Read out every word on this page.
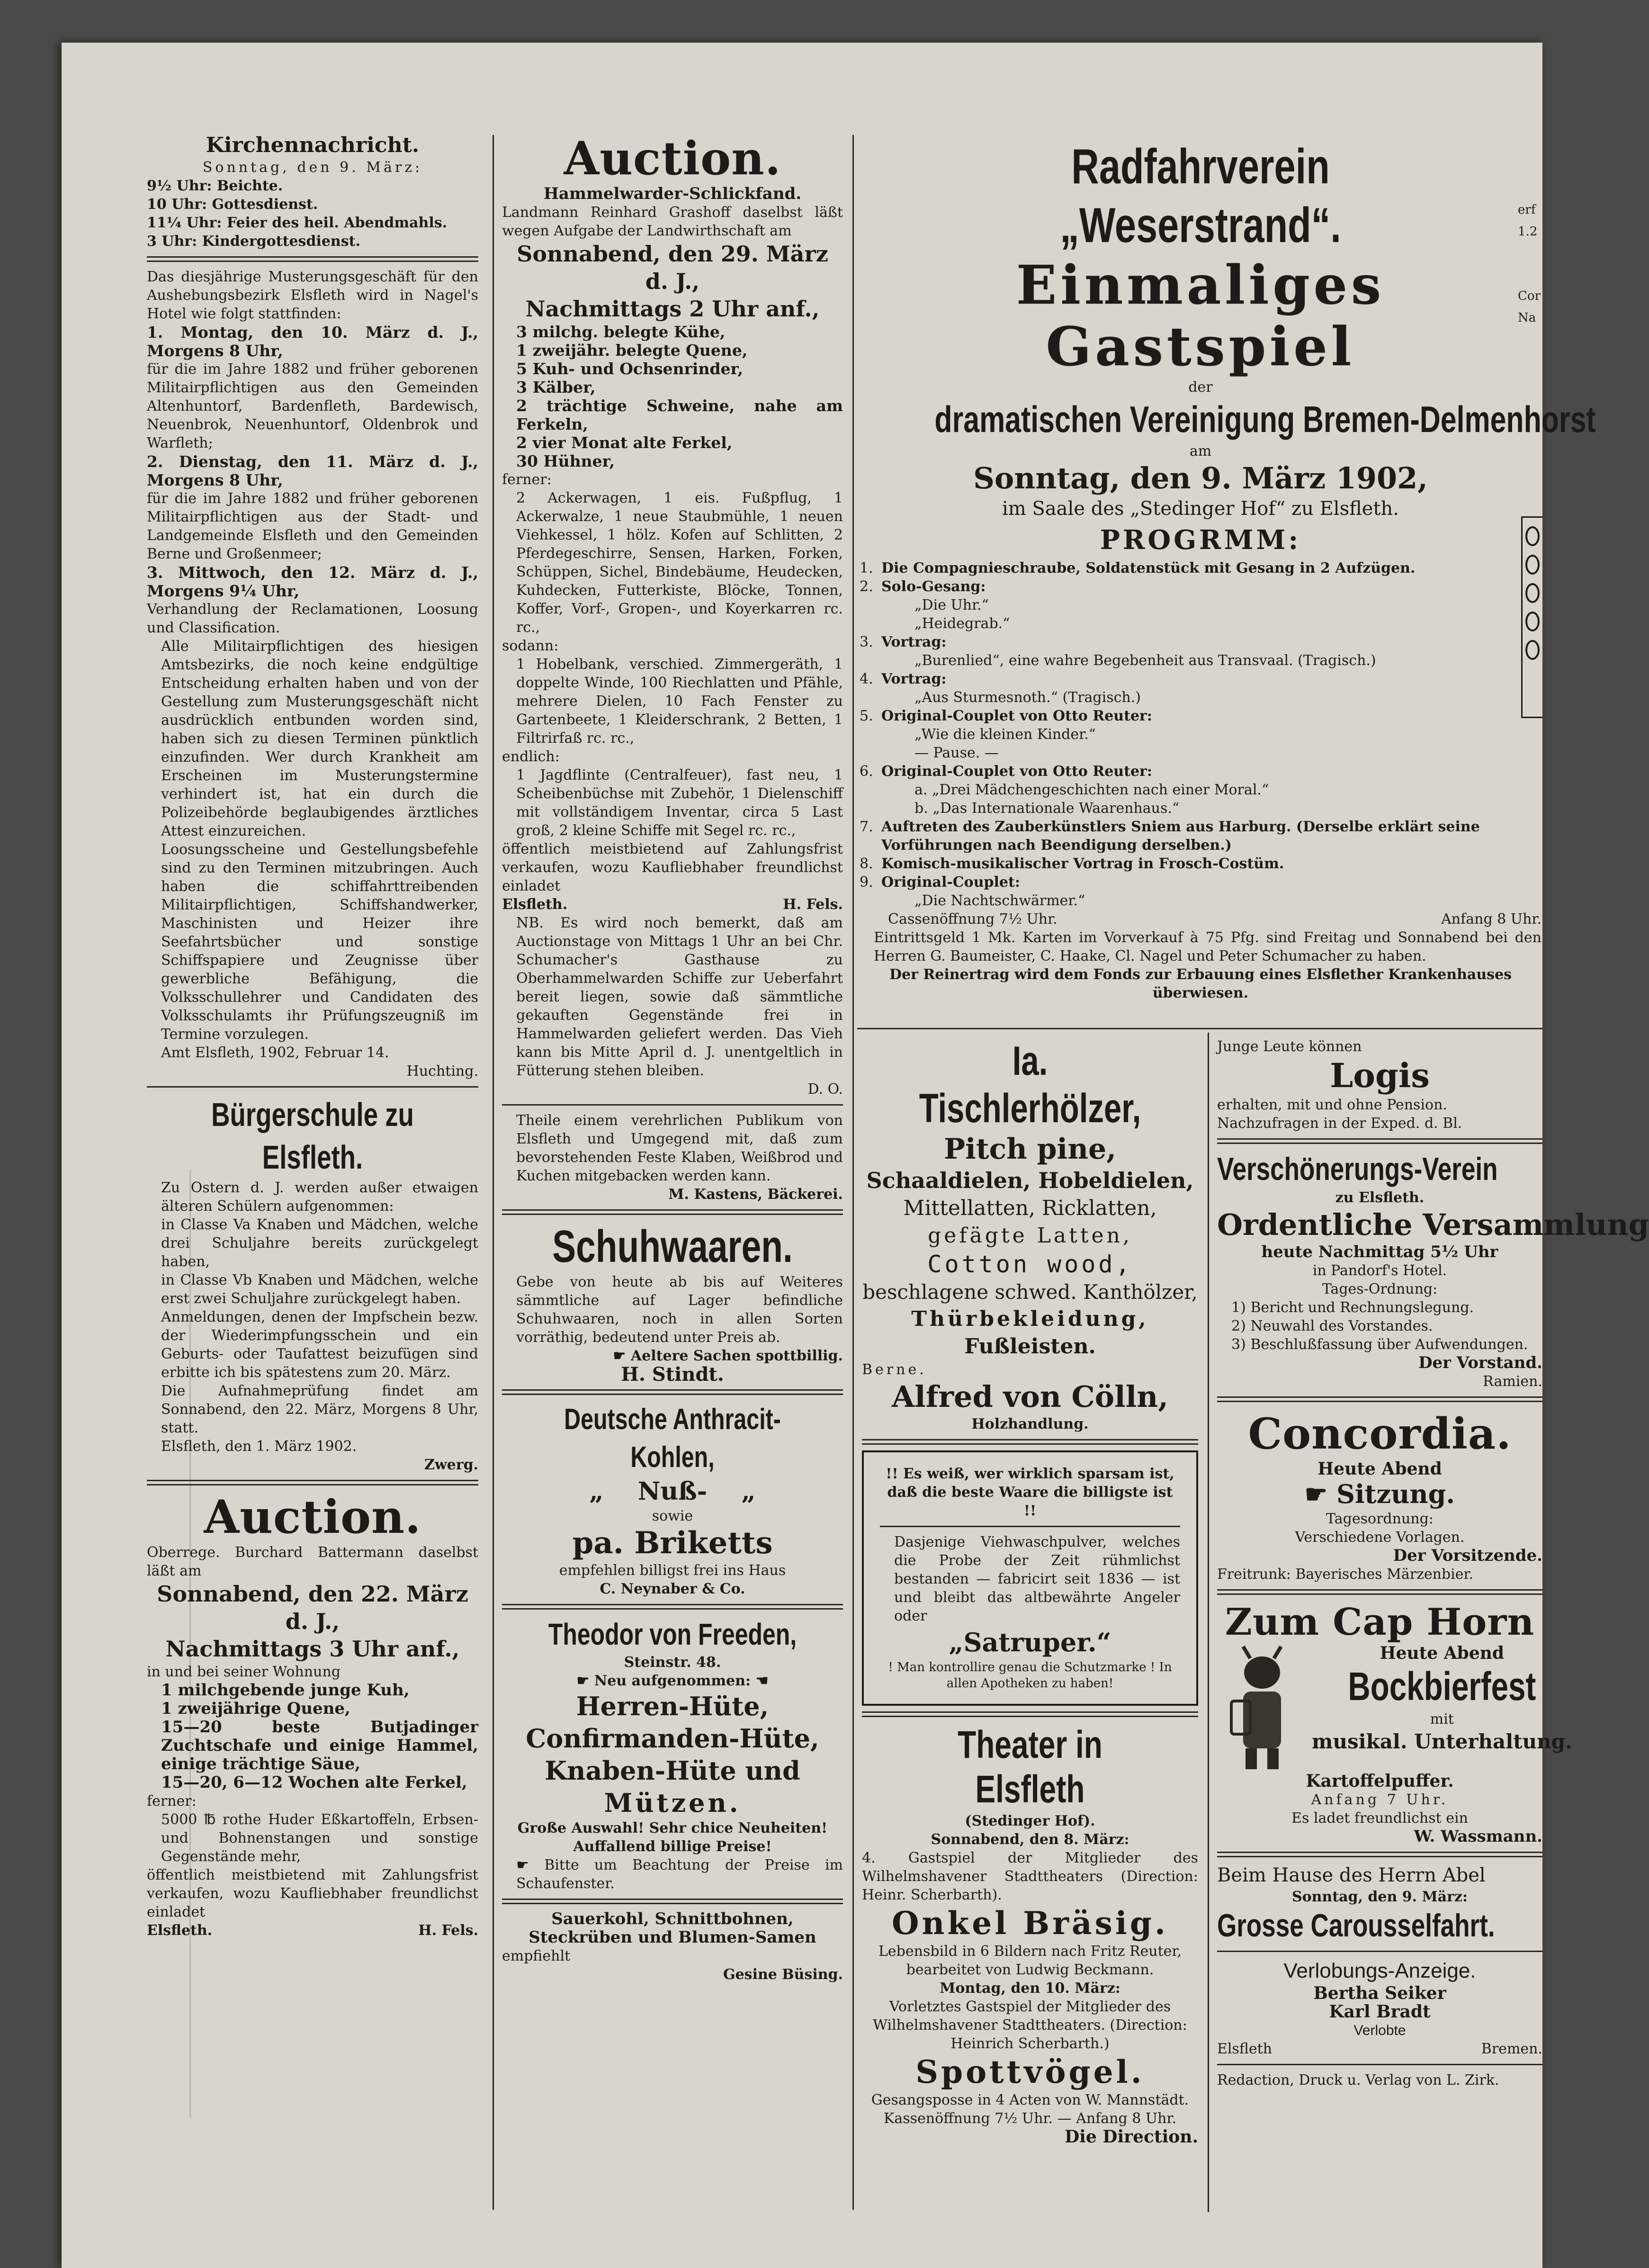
Kirchennachricht.

Sonntag, den 9. März:

9½ Uhr: Beichte.

10 Uhr: Gottesdienst.

11¼ Uhr: Feier des heil. Abendmahls.

3 Uhr: Kindergottesdienst.

Das diesjährige Musterungsgeschäft für den Aushebungsbezirk Elsfleth wird in Nagel's Hotel wie folgt stattfinden:

1. Montag, den 10. März d. J., Morgens 8 Uhr,

für die im Jahre 1882 und früher geborenen Militairpflichtigen aus den Gemeinden Altenhuntorf, Bardenfleth, Bardewisch, Neuenbrok, Neuenhuntorf, Oldenbrok und Warfleth;

2. Dienstag, den 11. März d. J., Morgens 8 Uhr,

für die im Jahre 1882 und früher geborenen Militairpflichtigen aus der Stadt- und Landgemeinde Elsfleth und den Gemeinden Berne und Großenmeer;

3. Mittwoch, den 12. März d. J., Morgens 9¼ Uhr,

Verhandlung der Reclamationen, Loosung und Classification.

Alle Militairpflichtigen des hiesigen Amtsbezirks, die noch keine endgültige Entscheidung erhalten haben und von der Gestellung zum Musterungsgeschäft nicht ausdrücklich entbunden worden sind, haben sich zu diesen Terminen pünktlich einzufinden. Wer durch Krankheit am Erscheinen im Musterungstermine verhindert ist, hat ein durch die Polizeibehörde beglaubigendes ärztliches Attest einzureichen.

Loosungsscheine und Gestellungsbefehle sind zu den Terminen mitzubringen. Auch haben die schiffahrttreibenden Militairpflichtigen, Schiffshandwerker, Maschinisten und Heizer ihre Seefahrtsbücher und sonstige Schiffspapiere und Zeugnisse über gewerbliche Befähigung, die Volksschullehrer und Candidaten des Volksschulamts ihr Prüfungszeugniß im Termine vorzulegen.

Amt Elsfleth, 1902, Februar 14.

Huchting.

Bürgerschule zu Elsfleth.

Zu Ostern d. J. werden außer etwaigen älteren Schülern aufgenommen:

in Classe Va Knaben und Mädchen, welche drei Schuljahre bereits zurückgelegt haben,

in Classe Vb Knaben und Mädchen, welche erst zwei Schuljahre zurückgelegt haben.

Anmeldungen, denen der Impfschein bezw. der Wiederimpfungsschein und ein Geburts- oder Taufattest beizufügen sind erbitte ich bis spätestens zum 20. März.

Die Aufnahmeprüfung findet am Sonnabend, den 22. März, Morgens 8 Uhr, statt.

Elsfleth, den 1. März 1902.

Zwerg.

Auction.

Oberrege. Burchard Battermann daselbst läßt am

Sonnabend, den 22. März d. J.,

Nachmittags 3 Uhr anf.,

in und bei seiner Wohnung

1 milchgebende junge Kuh,

1 zweijährige Quene,

15—20 beste Butjadinger Zuchtschafe und einige Hammel, einige trächtige Säue,

15—20, 6—12 Wochen alte Ferkel,

ferner:

5000 ℔ rothe Huder Eßkartoffeln, Erbsen- und Bohnenstangen und sonstige Gegenstände mehr,

öffentlich meistbietend mit Zahlungsfrist verkaufen, wozu Kaufliebhaber freundlichst einladet

Elsfleth.	H. Fels.

Auction.

Hammelwarder-Schlickfand.

Landmann Reinhard Grashoff daselbst läßt wegen Aufgabe der Landwirthschaft am

Sonnabend, den 29. März d. J.,

Nachmittags 2 Uhr anf.,

3 milchg. belegte Kühe,

1 zweijähr. belegte Quene,

5 Kuh- und Ochsenrinder,

3 Kälber,

2 trächtige Schweine, nahe am Ferkeln,

2 vier Monat alte Ferkel,

30 Hühner,

ferner:

2 Ackerwagen, 1 eis. Fußpflug, 1 Ackerwalze, 1 neue Staubmühle, 1 neuen Viehkessel, 1 hölz. Kofen auf Schlitten, 2 Pferdegeschirre, Sensen, Harken, Forken, Schüppen, Sichel, Bindebäume, Heudecken, Kuhdecken, Futterkiste, Blöcke, Tonnen, Koffer, Vorf-, Gropen-, und Koyerkarren rc. rc.,

sodann:

1 Hobelbank, verschied. Zimmergeräth, 1 doppelte Winde, 100 Riechlatten und Pfähle, mehrere Dielen, 10 Fach Fenster zu Gartenbeete, 1 Kleiderschrank, 2 Betten, 1 Filtrirfaß rc. rc.,

endlich:

1 Jagdflinte (Centralfeuer), fast neu, 1 Scheibenbüchse mit Zubehör, 1 Dielenschiff mit vollständigem Inventar, circa 5 Last groß, 2 kleine Schiffe mit Segel rc. rc.,

öffentlich meistbietend auf Zahlungsfrist verkaufen, wozu Kaufliebhaber freundlichst einladet

Elsfleth.	H. Fels.

NB. Es wird noch bemerkt, daß am Auctionstage von Mittags 1 Uhr an bei Chr. Schumacher's Gasthause zu Oberhammelwarden Schiffe zur Ueberfahrt bereit liegen, sowie daß sämmtliche gekauften Gegenstände frei in Hammelwarden geliefert werden. Das Vieh kann bis Mitte April d. J. unentgeltlich in Fütterung stehen bleiben.

D. O.

Theile einem verehrlichen Publikum von Elsfleth und Umgegend mit, daß zum bevorstehenden Feste Klaben, Weißbrod und Kuchen mitgebacken werden kann.

M. Kastens, Bäckerei.

Schuhwaaren.

Gebe von heute ab bis auf Weiteres sämmtliche auf Lager befindliche Schuhwaaren, noch in allen Sorten vorräthig, bedeutend unter Preis ab.

☛ Aeltere Sachen spottbillig.

H. Stindt.

Deutsche Anthracit-Kohlen,

„ Nuß- „

sowie

pa. Briketts

empfehlen billigst frei ins Haus

C. Neynaber & Co.

Theodor von Freeden,

Steinstr. 48.

☛ Neu aufgenommen: ☚

Herren-Hüte,

Confirmanden-Hüte,

Knaben-Hüte und

Mützen.

Große Auswahl! Sehr chice Neuheiten! Auffallend billige Preise!

☛ Bitte um Beachtung der Preise im Schaufenster.

Sauerkohl, Schnittbohnen, Steckrüben und Blumen-Samen

empfiehlt

Gesine Büsing.

Radfahrverein „Weserstrand“.

Einmaliges Gastspiel

der

dramatischen Vereinigung Bremen-Delmenhorst

am

Sonntag, den 9. März 1902,

im Saale des „Stedinger Hof“ zu Elsfleth.

PROGRMM:

1. Die Compagnieschraube, Soldatenstück mit Gesang in 2 Aufzügen.
2. Solo-Gesang:
„Die Uhr.“
„Heidegrab.“
3. Vortrag:
„Burenlied“, eine wahre Begebenheit aus Transvaal. (Tragisch.)
4. Vortrag:
„Aus Sturmesnoth.“ (Tragisch.)
5. Original-Couplet von Otto Reuter:
„Wie die kleinen Kinder.“
— Pause. —
6. Original-Couplet von Otto Reuter:
a. „Drei Mädchengeschichten nach einer Moral.“
b. „Das Internationale Waarenhaus.“
7. Auftreten des Zauberkünstlers Sniem aus Harburg. (Derselbe erklärt seine Vorführungen nach Beendigung derselben.)
8. Komisch-musikalischer Vortrag in Frosch-Costüm.
9. Original-Couplet:
„Die Nachtschwärmer.“

Cassenöffnung 7½ Uhr.	Anfang 8 Uhr.

Eintrittsgeld 1 Mk. Karten im Vorverkauf à 75 Pfg. sind Freitag und Sonnabend bei den Herren G. Baumeister, C. Haake, Cl. Nagel und Peter Schumacher zu haben.

Der Reinertrag wird dem Fonds zur Erbauung eines Elsflether Krankenhauses überwiesen.

Ia. Tischlerhölzer,

Pitch pine,

Schaaldielen, Hobeldielen,

Mittellatten, Ricklatten,

gefägte Latten,

Cotton wood,

beschlagene schwed. Kanthölzer,

Thürbekleidung,

Fußleisten.

Berne.

Alfred von Cölln,

Holzhandlung.

!! Es weiß, wer wirklich sparsam ist, daß die beste Waare die billigste ist !!

Dasjenige Viehwaschpulver, welches die Probe der Zeit rühmlichst bestanden — fabricirt seit 1836 — ist und bleibt das altbewährte Angeler oder

„Satruper.“

! Man kontrollire genau die Schutzmarke ! In allen Apotheken zu haben!

Theater in Elsfleth

(Stedinger Hof).

Sonnabend, den 8. März:

4. Gastspiel der Mitglieder des Wilhelmshavener Stadttheaters (Direction: Heinr. Scherbarth).

Onkel Bräsig.

Lebensbild in 6 Bildern nach Fritz Reuter, bearbeitet von Ludwig Beckmann.

Montag, den 10. März:

Vorletztes Gastspiel der Mitglieder des Wilhelmshavener Stadttheaters. (Direction: Heinrich Scherbarth.)

Spottvögel.

Gesangsposse in 4 Acten von W. Mannstädt. Kassenöffnung 7½ Uhr. — Anfang 8 Uhr.

Die Direction.

Junge Leute können

Logis

erhalten, mit und ohne Pension.

Nachzufragen in der Exped. d. Bl.

Verschönerungs-Verein

zu Elsfleth.

Ordentliche Versammlung

heute Nachmittag 5½ Uhr

in Pandorf's Hotel.

Tages-Ordnung:

1) Bericht und Rechnungslegung.

2) Neuwahl des Vorstandes.

3) Beschlußfassung über Aufwendungen.

Der Vorstand.

Ramien.

Concordia.

Heute Abend

☛ Sitzung.

Tagesordnung:

Verschiedene Vorlagen.

Der Vorsitzende.

Freitrunk: Bayerisches Märzenbier.

Zum Cap Horn

Heute Abend

Bockbierfest

mit

musikal. Unterhaltung.

Kartoffelpuffer.

Anfang 7 Uhr.

Es ladet freundlichst ein

W. Wassmann.

Beim Hause des Herrn Abel

Sonntag, den 9. März:

Grosse Carousselfahrt.

Verlobungs-Anzeige.

Bertha Seiker

Karl Bradt

Verlobte

Elsfleth	Bremen.

Redaction, Druck u. Verlag von L. Zirk.

erf
1.2
Cor
Na
